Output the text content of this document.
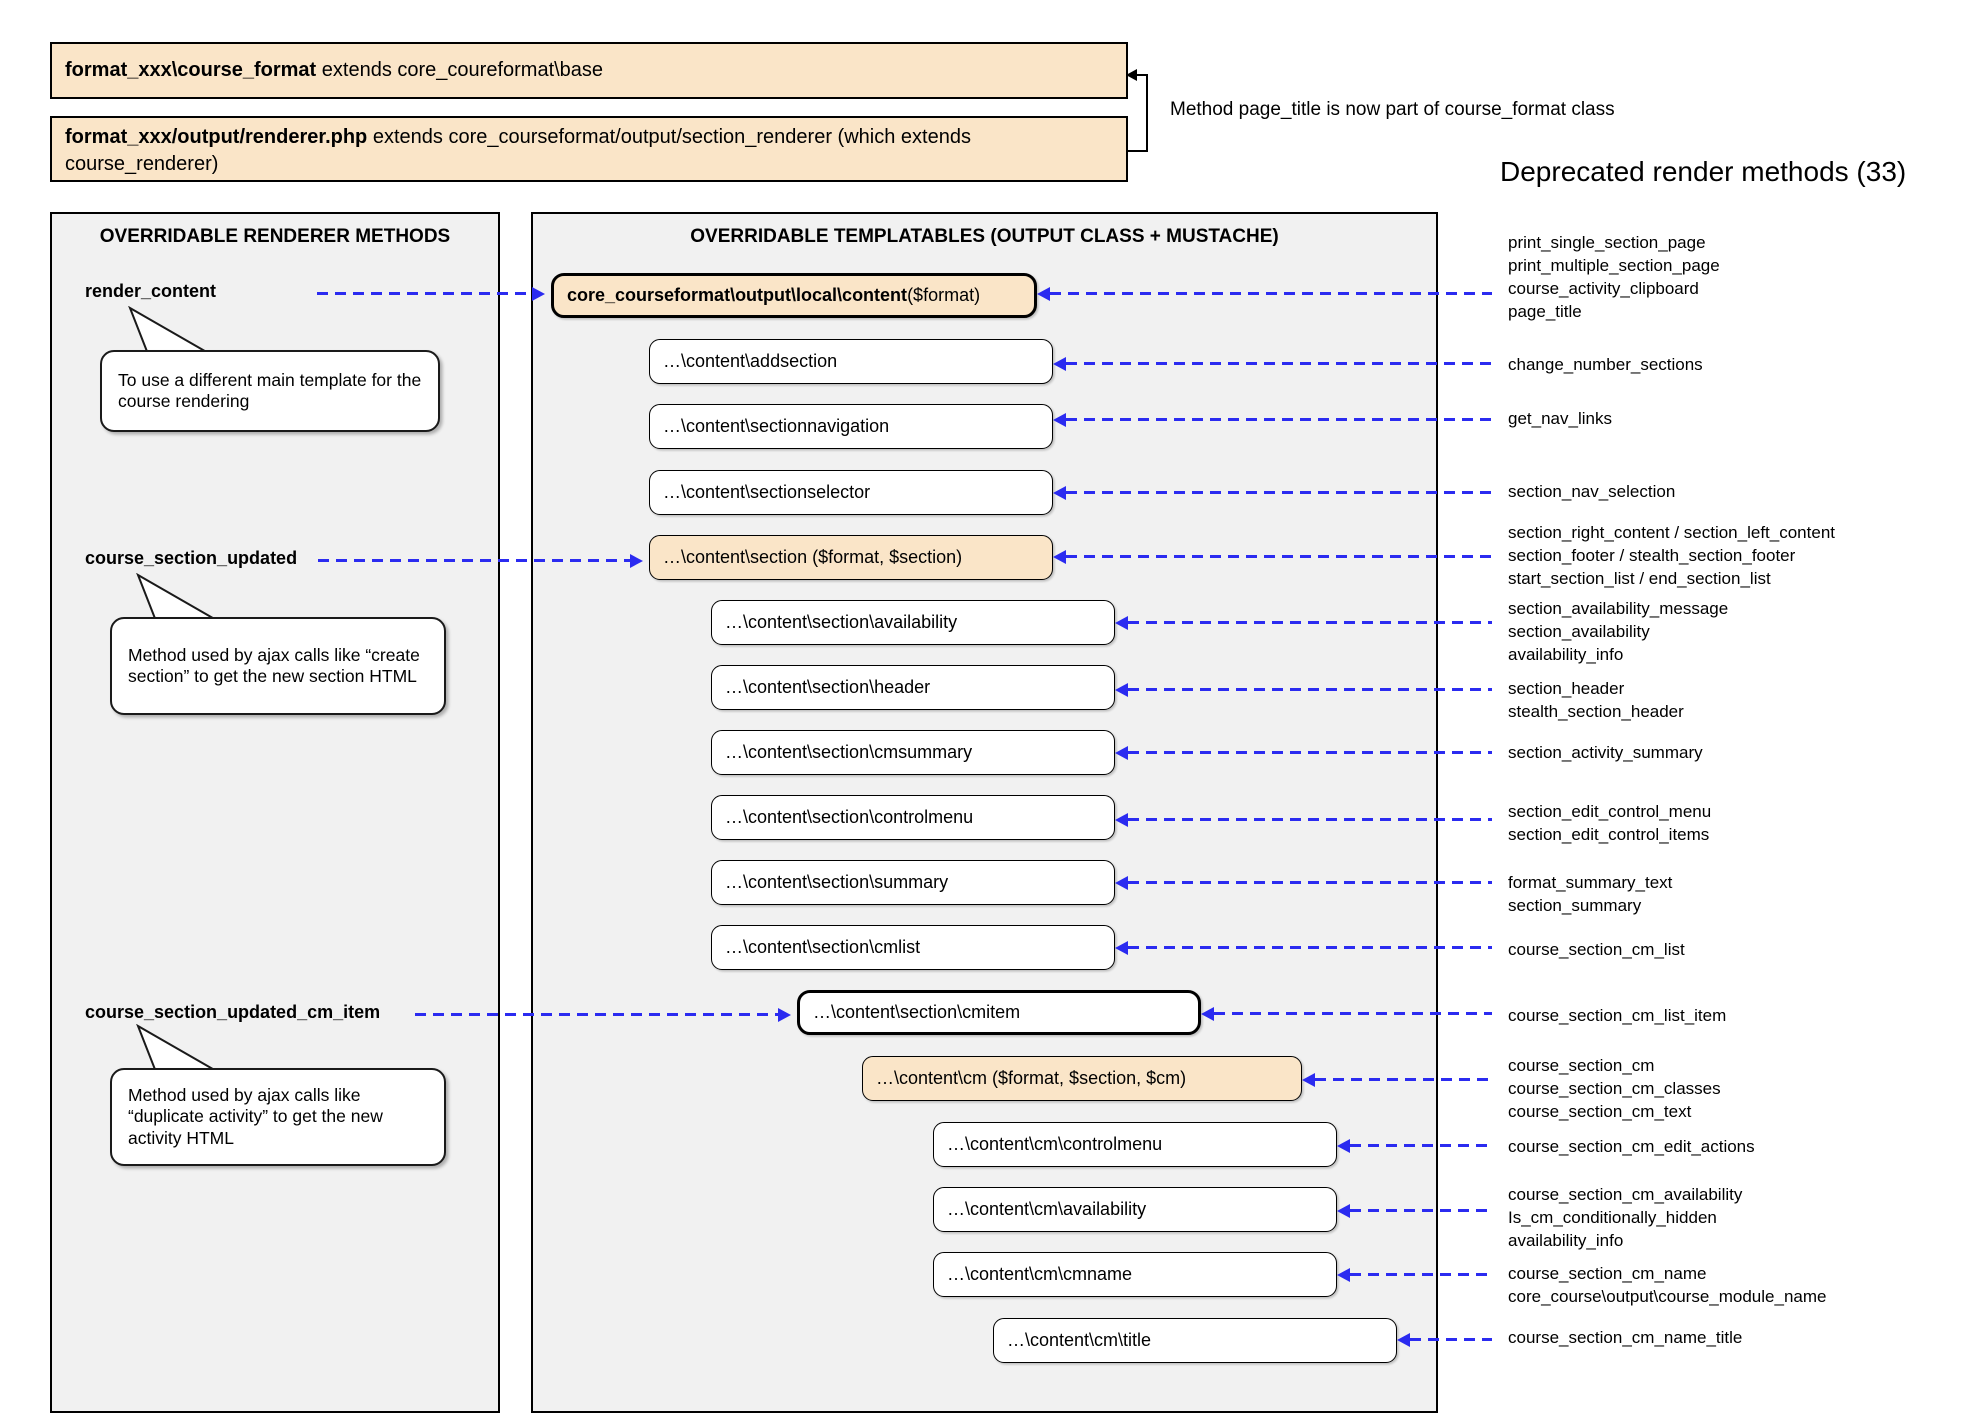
format_xxx\course_format extends core_coureformat\base
format_xxx/output/renderer.php extends core_courseformat/output/section_renderer (which extends course_renderer)
Method page_title is now part of course_format class
Deprecated render methods (33)
OVERRIDABLE RENDERER METHODS	OVERRIDABLE TEMPLATABLES (OUTPUT CLASS + MUSTACHE)
render_content
course_section_updated
course_section_updated_cm_item
To use a different main template for the course rendering
Method used by ajax calls like “create section” to get the new section HTML
Method used by ajax calls like “duplicate activity” to get the new activity HTML
core_courseformat\output\local\content ($format)
…\content\addsection
…\content\sectionnavigation
…\content\sectionselector
…\content\section ($format, $section)
…\content\section\availability
…\content\section\header
…\content\section\cmsummary
…\content\section\controlmenu
…\content\section\summary
…\content\section\cmlist
…\content\section\cmitem
…\content\cm ($format, $section, $cm)
…\content\cm\controlmenu
…\content\cm\availability
…\content\cm\cmname
…\content\cm\title
print_single_section_page
print_multiple_section_page
course_activity_clipboard
page_title
change_number_sections
get_nav_links
section_nav_selection
section_right_content / section_left_content
section_footer / stealth_section_footer
start_section_list / end_section_list
section_availability_message
section_availability
availability_info
section_header
stealth_section_header
section_activity_summary
section_edit_control_menu
section_edit_control_items
format_summary_text
section_summary
course_section_cm_list
course_section_cm_list_item
course_section_cm
course_section_cm_classes
course_section_cm_text
course_section_cm_edit_actions
course_section_cm_availability
Is_cm_conditionally_hidden
availability_info
course_section_cm_name
core_course\output\course_module_name
course_section_cm_name_title
